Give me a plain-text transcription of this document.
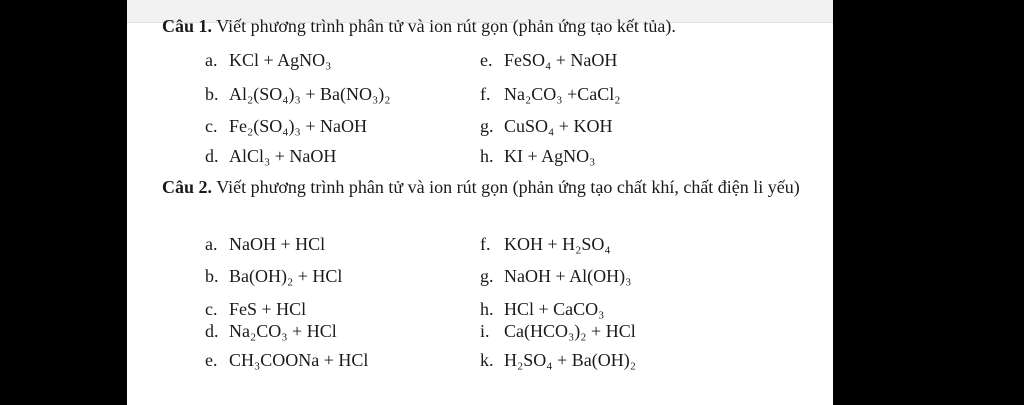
Câu 1. Viết phương trình phân tử và ion rút gọn (phản ứng tạo kết tủa).
a. KCl + AgNO₃
b. Al₂(SO₄)₃ + Ba(NO₃)₂
c. Fe₂(SO₄)₃ + NaOH
d. AlCl₃ + NaOH
e. FeSO₄ + NaOH
f. Na₂CO₃ +CaCl₂
g. CuSO₄ + KOH
h. KI + AgNO₃
Câu 2. Viết phương trình phân tử và ion rút gọn (phản ứng tạo chất khí, chất điện li yếu)
a. NaOH + HCl
b. Ba(OH)₂ + HCl
c. FeS + HCl
d. Na₂CO₃ + HCl
e. CH₃COONa + HCl
f. KOH + H₂SO₄
g. NaOH + Al(OH)₃
h. HCl + CaCO₃
i. Ca(HCO₃)₂ + HCl
k. H₂SO₄ + Ba(OH)₂
